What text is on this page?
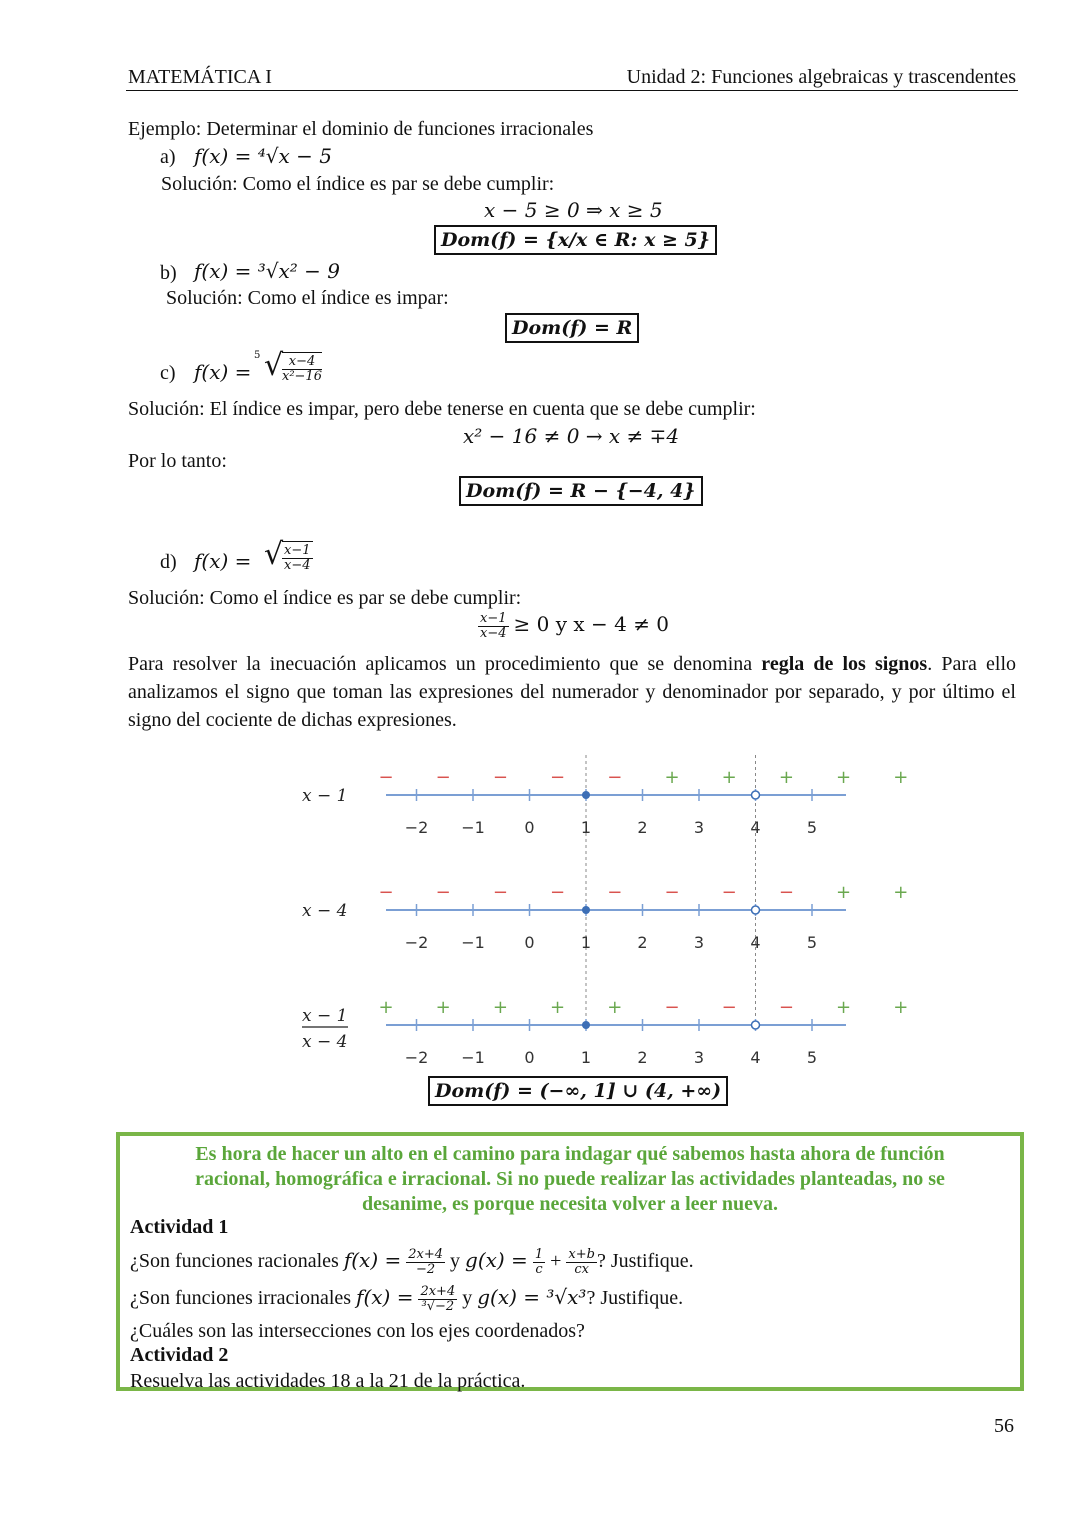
MATEMÁTICA I	Unidad 2: Funciones algebraicas y trascendentes
Ejemplo: Determinar el dominio de funciones irracionales
a) f(x) = ⁴√x − 5
Solución: Como el índice es par se debe cumplir:
x − 5 ≥ 0 ⇒ x ≥ 5
Dom(f) = {x/x ∈ R: x ≥ 5}
b) f(x) = ³√x² − 9
Solución: Como el índice es impar:
Dom(f) = R
c) f(x) =
5 √
$\frac{x-4}{\text{x²−16}}$
Solución: El índice es impar, pero debe tenerse en cuenta que se debe cumplir:
x² − 16 ≠ 0 → x ≠ ∓4
Por lo tanto:
Dom(f) = R − {−4, 4}
d) f(x) = √
$\frac{x-1}{x-4}$
Solución: Como el índice es par se debe cumplir:
$\frac{x-1}{x-4} \ge 0$ y x − 4 ≠ 0
Para resolver la inecuación aplicamos un procedimiento que se denomina regla de los signos. Para ello analizamos el signo que toman las expresiones del numerador y denominador por separado, y por último el signo del cociente de dichas expresiones.
x − 1
−2 −1 0	1	2	3	4	5
− − − − − + + + + +
x − 4
−2 −1 0	1	2	3	4	5
− − − − − − − − + +
x − 1
x − 4
−2 −1 0	1	2	3	4	5
+ + + + + − − − + +
Dom(f) = (−∞, 1] ∪ (4, +∞)
Es hora de hacer un alto en el camino para indagar qué sabemos hasta ahora de función racional, homográfica e irracional. Si no puede realizar las actividades planteadas, no se desanime, es porque necesita volver a leer nueva.
Actividad 1
¿Son funciones racionales $f(x) = \frac{2x+4}{-2}$ y $g(x) = \frac{1}{c} + \frac{x+b}{cx}$ ? Justifique.
¿Son funciones irracionales $f(x) = \frac{2x+4}{\text{³√−2}}$ y g(x) = ³√x³? Justifique.
¿Cuáles son las intersecciones con los ejes coordenados?
Actividad 2
Resuelva las actividades 18 a la 21 de la práctica.
56
